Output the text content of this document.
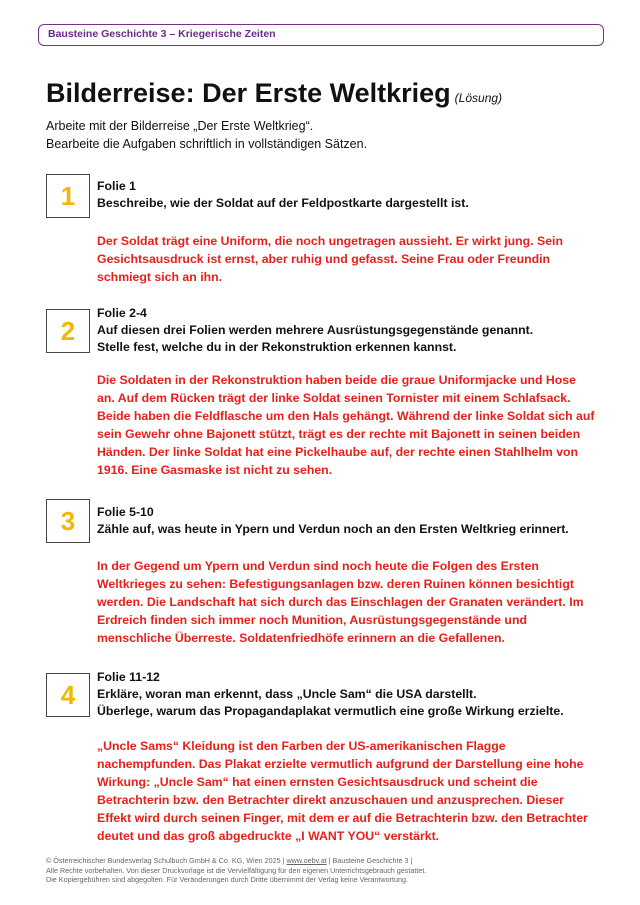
Bausteine Geschichte 3 – Kriegerische Zeiten
Bilderreise: Der Erste Weltkrieg (Lösung)
Arbeite mit der Bilderreise „Der Erste Weltkrieg“.
Bearbeite die Aufgaben schriftlich in vollständigen Sätzen.
1	Folie 1
Beschreibe, wie der Soldat auf der Feldpostkarte dargestellt ist.
Der Soldat trägt eine Uniform, die noch ungetragen aussieht. Er wirkt jung. Sein
Gesichtsausdruck ist ernst, aber ruhig und gefasst. Seine Frau oder Freundin
schmiegt sich an ihn.
2
Folie 2-4
Auf diesen drei Folien werden mehrere Ausrüstungsgegenstände genannt.
Stelle fest, welche du in der Rekonstruktion erkennen kannst.
Die Soldaten in der Rekonstruktion haben beide die graue Uniformjacke und Hose
an. Auf dem Rücken trägt der linke Soldat seinen Tornister mit einem Schlafsack.
Beide haben die Feldflasche um den Hals gehängt. Während der linke Soldat sich auf
sein Gewehr ohne Bajonett stützt, trägt es der rechte mit Bajonett in seinen beiden
Händen. Der linke Soldat hat eine Pickelhaube auf, der rechte einen Stahlhelm von
1916. Eine Gasmaske ist nicht zu sehen.
3	Folie 5-10
Zähle auf, was heute in Ypern und Verdun noch an den Ersten Weltkrieg erinnert.
In der Gegend um Ypern und Verdun sind noch heute die Folgen des Ersten
Weltkrieges zu sehen: Befestigungsanlagen bzw. deren Ruinen können besichtigt
werden. Die Landschaft hat sich durch das Einschlagen der Granaten verändert. Im
Erdreich finden sich immer noch Munition, Ausrüstungsgegenstände und
menschliche Überreste. Soldatenfriedhöfe erinnern an die Gefallenen.
4
Folie 11-12
Erkläre, woran man erkennt, dass „Uncle Sam“ die USA darstellt.
Überlege, warum das Propagandaplakat vermutlich eine große Wirkung erzielte.
„Uncle Sams“ Kleidung ist den Farben der US-amerikanischen Flagge
nachempfunden. Das Plakat erzielte vermutlich aufgrund der Darstellung eine hohe
Wirkung: „Uncle Sam“ hat einen ernsten Gesichtsausdruck und scheint die
Betrachterin bzw. den Betrachter direkt anzuschauen und anzusprechen. Dieser
Effekt wird durch seinen Finger, mit dem er auf die Betrachterin bzw. den Betrachter
deutet und das groß abgedruckte „I WANT YOU“ verstärkt.
© Österreichischer Bundesverlag Schulbuch GmbH & Co. KG, Wien 2025 | www.oebv.at | Bausteine Geschichte 3 |
Alle Rechte vorbehalten. Von dieser Druckvorlage ist die Vervielfältigung für den eigenen Unterrichtsgebrauch gestattet.
Die Kopiergebühren sind abgegolten. Für Veränderungen durch Dritte übernimmt der Verlag keine Verantwortung.
